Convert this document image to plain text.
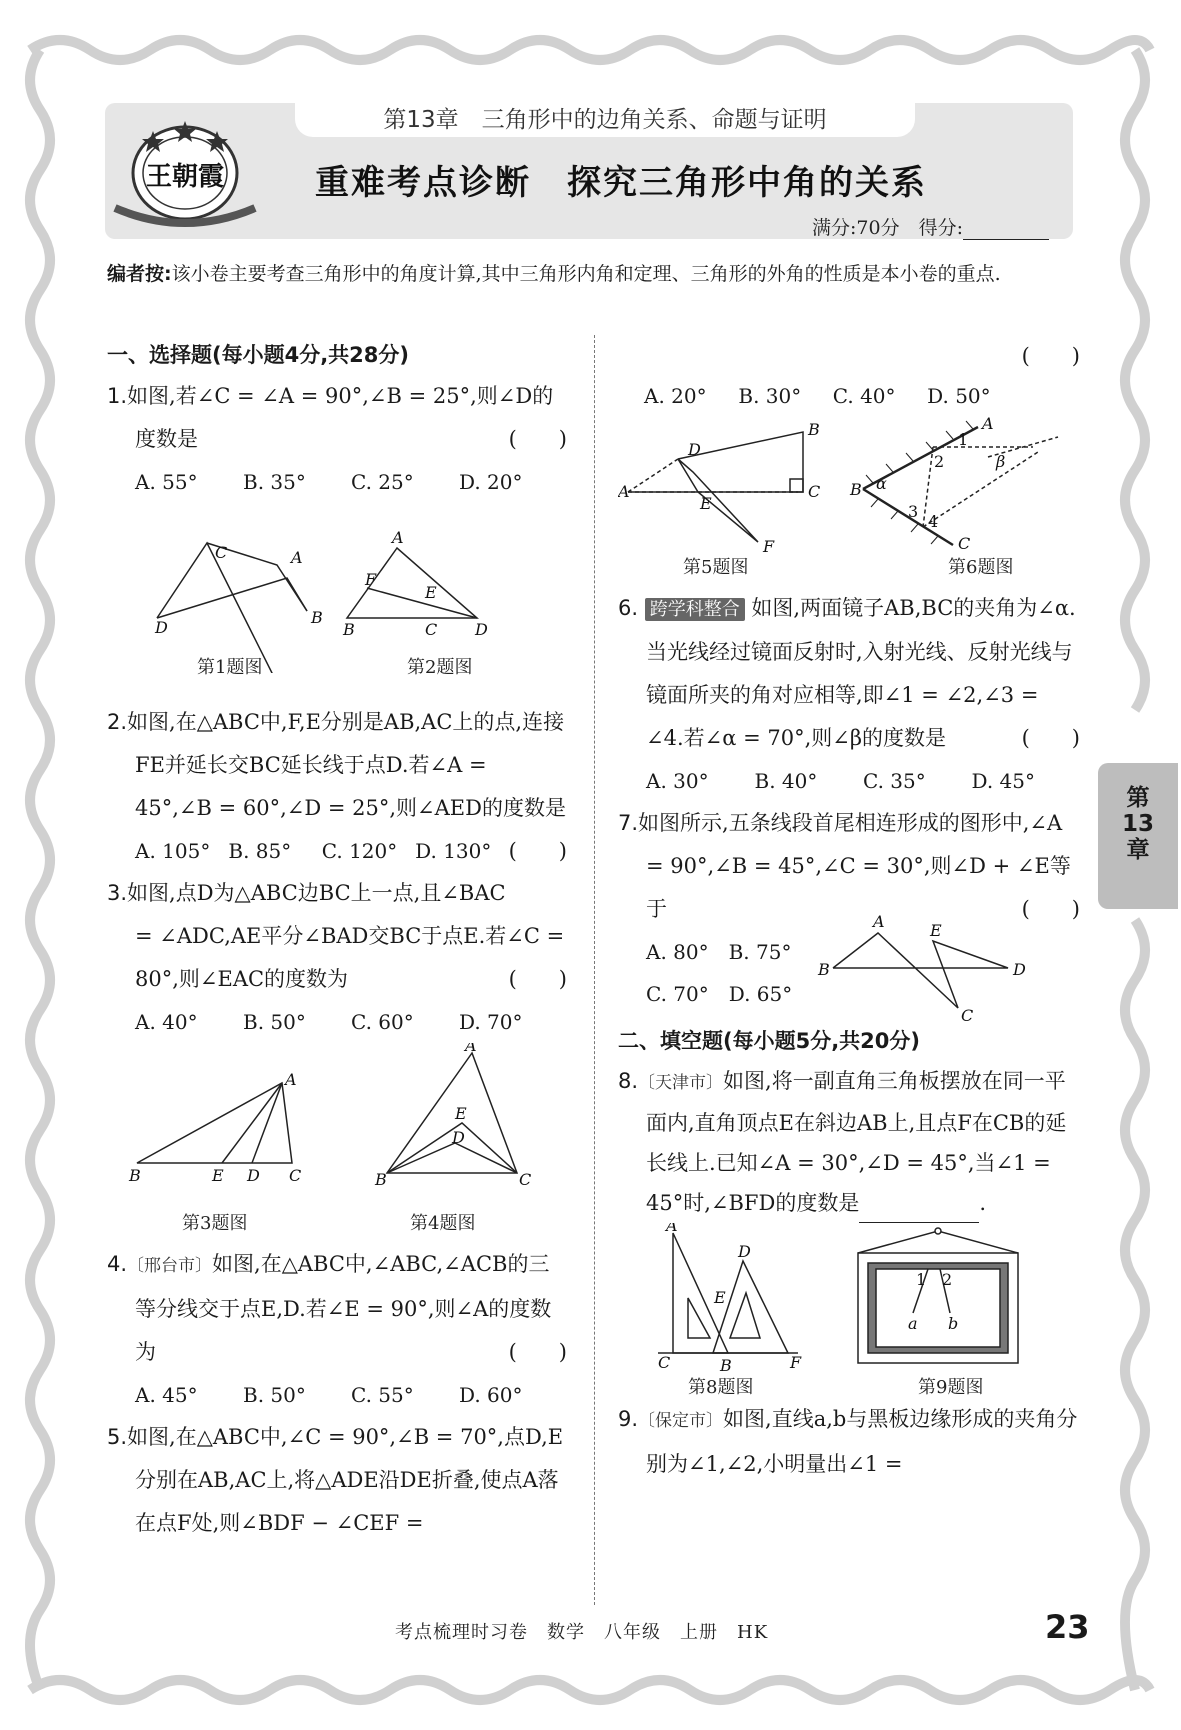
王朝霞
第13章　三角形中的边角关系、命题与证明
重难考点诊断　探究三角形中角的关系
满分:70分　得分:
编者按:该小卷主要考查三角形中的角度计算,其中三角形内角和定理、三角形的外角的性质是本小卷的重点.
一、选择题(每小题4分,共28分)
1.如图,若∠C = ∠A = 90°,∠B = 25°,则∠D的度数是	(　　)
A. 55°	B. 35°	C. 25°	D. 20°
C	A
D
B
A
F
E
B	C D
第1题图	第2题图
2.如图,在△ABC中,F,E分别是AB,AC上的点,连接FE并延长交BC延长线于点D.若∠A = 45°,∠B = 60°,∠D = 25°,则∠AED的度数是
(　　)
A. 105° B. 85°	C. 120° D. 130°
3.如图,点D为△ABC边BC上一点,且∠BAC = ∠ADC,AE平分∠BAD交BC于点E.若∠C = 80°,则∠EAC的度数为	(　　)
A. 40°	B. 50°	C. 60°	D. 70°
A
B	E D C
A
E
D
B	C
第3题图	第4题图
4.〔邢台市〕如图,在△ABC中,∠ABC,∠ACB的三等分线交于点E,D.若∠E = 90°,则∠A的度数为	(　　)
A. 45°	B. 50°	C. 55°	D. 60°
5.如图,在△ABC中,∠C = 90°,∠B = 70°,点D,E分别在AB,AC上,将△ADE沿DE折叠,使点A落在点F处,则∠BDF − ∠CEF =
(　　)
A. 20°	B. 30°	C. 40°	D. 50°
B
D
A	C
E
F
A
B
C
α
β
1
2
3
4
第5题图	第6题图
6. 跨学科整合 如图,两面镜子AB,BC的夹角为∠α.当光线经过镜面反射时,入射光线、反射光线与镜面所夹的角对应相等,即∠1 = ∠2,∠3 = ∠4.若∠α = 70°,则∠β的度数是	(　　)
A. 30°	B. 40°	C. 35°	D. 45°
7.如图所示,五条线段首尾相连形成的图形中,∠A = 90°,∠B = 45°,∠C = 30°,则∠D + ∠E等于	(　　)
A. 80°　 B. 75°
C. 70°　 D. 65°
A
B
C
E
D
二、填空题(每小题5分,共20分)
8.〔天津市〕如图,将一副直角三角板摆放在同一平面内,直角顶点E在斜边AB上,且点F在CB的延长线上.已知∠A = 30°,∠D = 45°,当∠1 = 45°时,∠BFD的度数是	.
A
D
E
C	B	F
1 2
a b
第8题图	第9题图
9.〔保定市〕如图,直线a,b与黑板边缘形成的夹角分别为∠1,∠2,小明量出∠1 =
第
13
章
考点梳理时习卷　数学　八年级　上册　HK	23
